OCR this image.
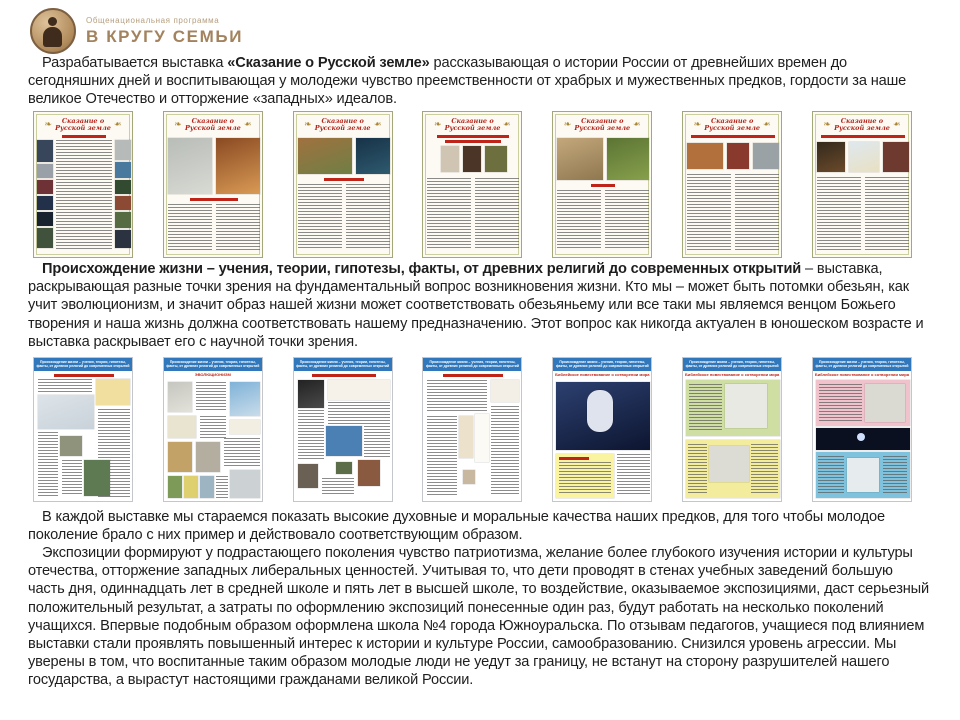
Общенациональная программа
В КРУГУ СЕМЬИ

Разрабатывается выставка «Сказание о Русской земле» рассказывающая о истории России от древнейших времен до сегодняшних дней и воспитывающая у молодежи чувство преемственности от храбрых и мужественных предков, гордости за наше великое Отечество и отторжение «западных» идеалов.

❧	Сказание о Русской земле ❧	❧	Сказание о Русской земле ❧	❧	Сказание о Русской земле ❧	❧	Сказание о Русской земле ❧	❧	Сказание о Русской земле ❧	❧	Сказание о Русской земле ❧	❧	Сказание о Русской земле ❧

Происхождение жизни – учения, теории, гипотезы, факты, от древних религий до современных открытий – выставка, раскрывающая разные точки зрения на фундаментальный вопрос возникновения жизни. Кто мы – может быть потомки обезьян, как учит эволюционизм, и значит образ нашей жизни может соответствовать обезьяньему или все таки мы являемся венцом Божьего творения и наша жизнь должна соответствовать нашему предназначению. Этот вопрос как никогда актуален в юношеском возрасте и выставка раскрывает его с научной точки зрения.

Происхождение жизни – учения, теории, гипотезы, факты, от древних религий до современных открытий
Происхождение жизни – учения, теории, гипотезы, факты, от древних религий до современных открытий
ЭВОЛЮЦИОНИЗМ
Происхождение жизни – учения, теории, гипотезы, факты, от древних религий до современных открытий
Происхождение жизни – учения, теории, гипотезы, факты, от древних религий до современных открытий
Происхождение жизни – учения, теории, гипотезы, факты, от древних религий до современных открытий
Библейское повествование о сотворении мира
Происхождение жизни – учения, теории, гипотезы, факты, от древних религий до современных открытий
Библейское повествование о сотворении мира
Происхождение жизни – учения, теории, гипотезы, факты, от древних религий до современных открытий
Библейское повествование о сотворении мира

В каждой выставке мы стараемся показать высокие духовные и моральные качества наших предков, для того чтобы молодое поколение брало с них пример и действовало соответствующим образом.

Экспозиции формируют у подрастающего поколения чувство патриотизма, желание более глубокого изучения истории и культуры отечества, отторжение западных либеральных ценностей. Учитывая то, что дети проводят в стенах учебных заведений большую часть дня, одиннадцать лет в средней школе и пять лет в высшей школе, то воздействие, оказываемое экспозициями, даст серьезный положительный результат, а затраты по оформлению экспозиций понесенные один раз, будут работать на несколько поколений учащихся. Впервые подобным образом оформлена школа №4 города Южноуральска. По отзывам педагогов, учащиеся под влиянием выставки стали проявлять повышенный интерес к истории и культуре России, самообразованию. Снизился уровень агрессии. Мы уверены в том, что воспитанные таким образом молодые люди не уедут за границу, не встанут на сторону разрушителей нашего государства, а вырастут настоящими гражданами великой России.
